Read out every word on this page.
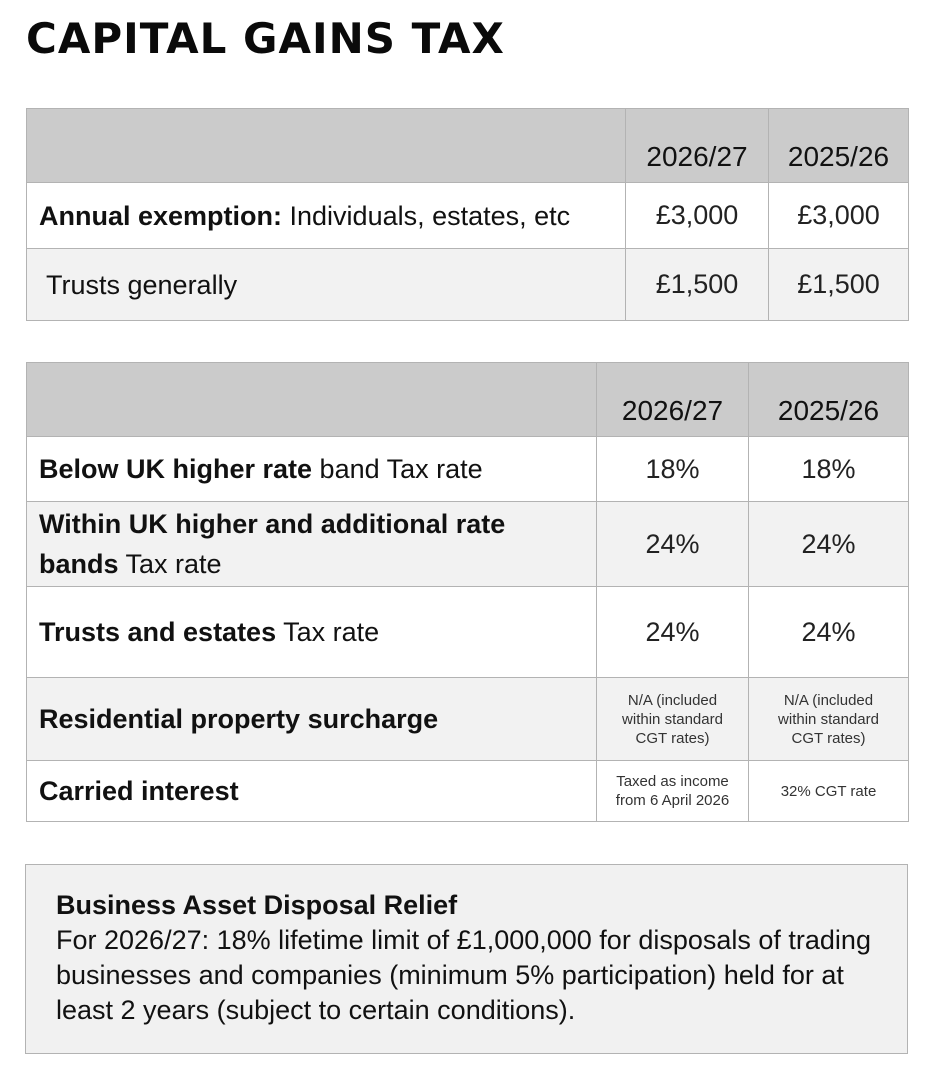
CAPITAL GAINS TAX
	2026/27	2025/26
Annual exemption: Individuals, estates, etc	£3,000	£3,000
Trusts generally	£1,500	£1,500
	2026/27	2025/26
Below UK higher rate band Tax rate	18%	18%
Within UK higher and additional rate bands Tax rate	24%	24%
Trusts and estates Tax rate	24%	24%
Residential property surcharge	N/A (included within standard CGT rates)	N/A (included within standard CGT rates)
Carried interest	Taxed as income from 6 April 2026	32% CGT rate
Business Asset Disposal Relief
For 2026/27: 18% lifetime limit of £1,000,000 for disposals of trading businesses and companies (minimum 5% participation) held for at least 2 years (subject to certain conditions).
